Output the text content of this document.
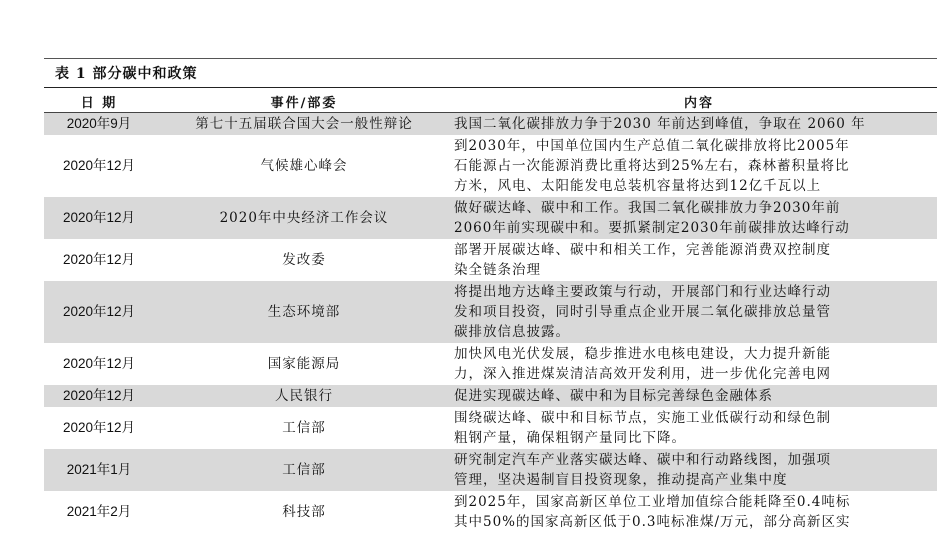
表 1 部分碳中和政策
日 期	事件/部委	内容
2020年9月	第七十五届联合国大会一般性辩论	我国二氧化碳排放力争于2030 年前达到峰值，争取在 2060 年
2020年12月	气候雄心峰会	到2030年，中国单位国内生产总值二氧化碳排放将比2005年
石能源占一次能源消费比重将达到25%左右，森林蓄积量将比
方米，风电、太阳能发电总装机容量将达到12亿千瓦以上
2020年12月	2020年中央经济工作会议	做好碳达峰、碳中和工作。我国二氧化碳排放力争2030年前
2060年前实现碳中和。要抓紧制定2030年前碳排放达峰行动
2020年12月	发改委	部署开展碳达峰、碳中和相关工作，完善能源消费双控制度
染全链条治理
2020年12月	生态环境部	将提出地方达峰主要政策与行动，开展部门和行业达峰行动
发和项目投资，同时引导重点企业开展二氧化碳排放总量管
碳排放信息披露。
2020年12月	国家能源局	加快风电光伏发展，稳步推进水电核电建设，大力提升新能
力，深入推进煤炭清洁高效开发利用，进一步优化完善电网
2020年12月	人民银行	促进实现碳达峰、碳中和为目标完善绿色金融体系
2020年12月	工信部	围绕碳达峰、碳中和目标节点，实施工业低碳行动和绿色制
粗钢产量，确保粗钢产量同比下降。
2021年1月	工信部	研究制定汽车产业落实碳达峰、碳中和行动路线图，加强项
管理，坚决遏制盲目投资现象，推动提高产业集中度
2021年2月	科技部	到2025年，国家高新区单位工业增加值综合能耗降至0.4吨标
其中50%的国家高新区低于0.3吨标准煤/万元，部分高新区实
